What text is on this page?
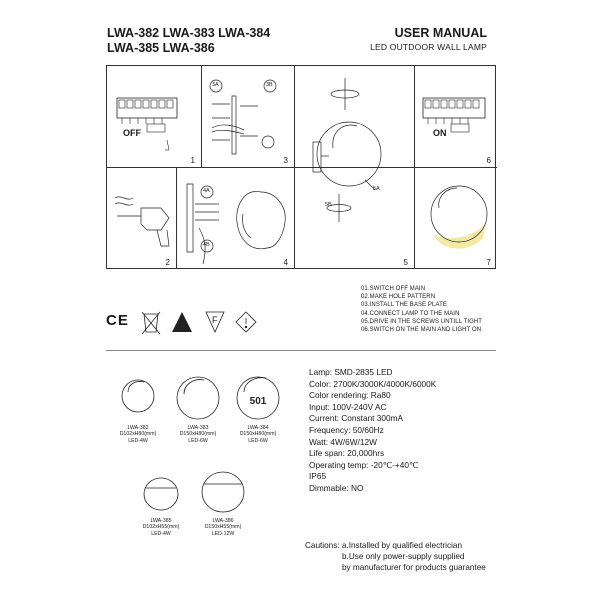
LWA-382 LWA-383 LWA-384
LWA-385 LWA-386
USER MANUAL
LED OUTDOOR WALL LAMP
OFF
1
3A	3B
3
5A
5B
ON
6
2
4A
4B
4	5	7
01.SWITCH OFF MAIN
02.MAKE HOLE PATTERN
03.INSTALL THE BASE PLATE
04.CONNECT LAMP TO THE MAIN
05.DRIVE IN THE SCREWS UNTILL TIGHT
06.SWITCH ON THE MAIN AND LIGHT ON
CE	F
501
LWA-382
D102xH80(mm)
LED-4W
LWA-383
D150xH80(mm)
LED-6W
LWA-384
D150xH80(mm)
LED-6W
LWA-385
D102xH55(mm)
LED-4W
LWA-386
D150xH55(mm)
LED-12W
Lamp: SMD-2835 LED
Color: 2700K/3000K/4000K/6000K
Color rendering: Ra80
Input: 100V-240V AC
Current: Constant 300mA
Frequency: 50/60Hz
Watt: 4W/6W/12W
Life span: 20,000hrs
Operating temp: -20℃-+40℃
IP65
Dimmable: NO
Cautions: a.Installed by qualified electrician
b.Use only power-supply supplied
by manufacturer for products guarantee
